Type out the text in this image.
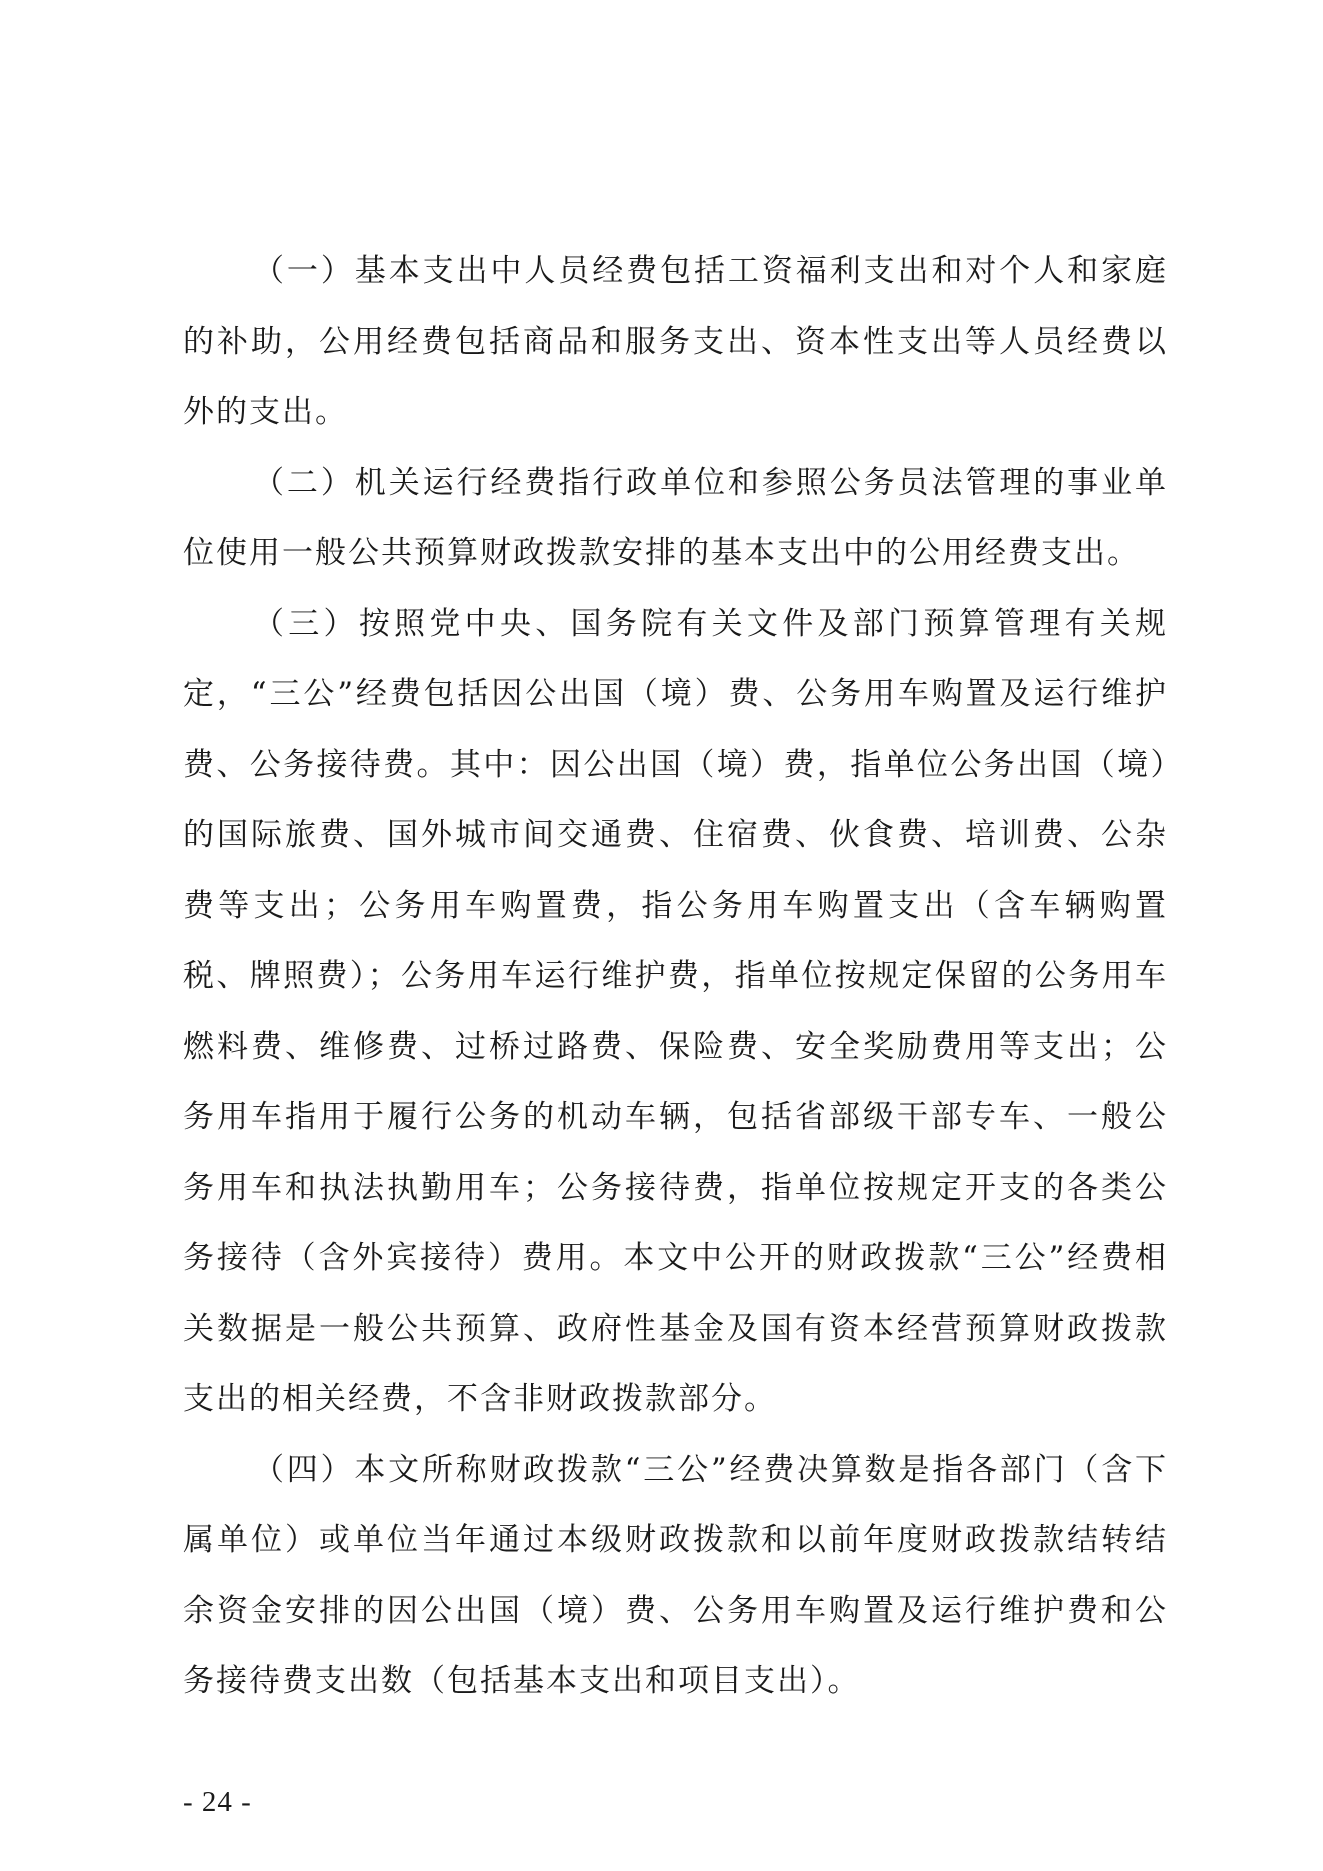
（一）基本支出中人员经费包括工资福利支出和对个人和家庭的补助，公用经费包括商品和服务支出、资本性支出等人员经费以外的支出。

（二）机关运行经费指行政单位和参照公务员法管理的事业单位使用一般公共预算财政拨款安排的基本支出中的公用经费支出。

（三）按照党中央、国务院有关文件及部门预算管理有关规定，“三公”经费包括因公出国（境）费、公务用车购置及运行维护费、公务接待费。其中：因公出国（境）费，指单位公务出国（境）的国际旅费、国外城市间交通费、住宿费、伙食费、培训费、公杂费等支出；公务用车购置费，指公务用车购置支出（含车辆购置税、牌照费）；公务用车运行维护费，指单位按规定保留的公务用车燃料费、维修费、过桥过路费、保险费、安全奖励费用等支出；公务用车指用于履行公务的机动车辆，包括省部级干部专车、一般公务用车和执法执勤用车；公务接待费，指单位按规定开支的各类公务接待（含外宾接待）费用。本文中公开的财政拨款“三公”经费相关数据是一般公共预算、政府性基金及国有资本经营预算财政拨款支出的相关经费，不含非财政拨款部分。

（四）本文所称财政拨款“三公”经费决算数是指各部门（含下属单位）或单位当年通过本级财政拨款和以前年度财政拨款结转结余资金安排的因公出国（境）费、公务用车购置及运行维护费和公务接待费支出数（包括基本支出和项目支出）。

- 24 -
